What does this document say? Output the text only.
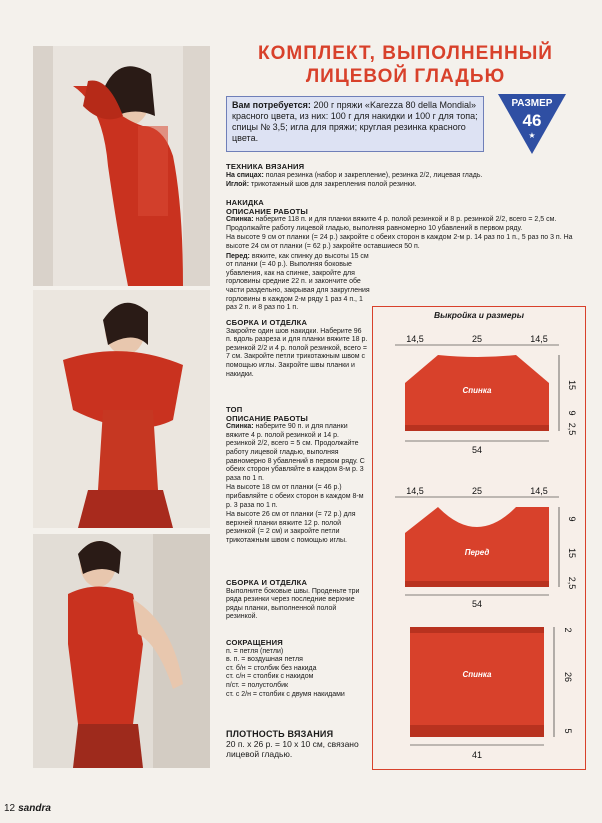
КОМПЛЕКТ, ВЫПОЛНЕННЫЙ
ЛИЦЕВОЙ ГЛАДЬЮ
Вам потребуется: 200 г пряжи «Karezza 80 della Mondial» красного цвета, из них: 100 г для накидки и 100 г для топа; спицы № 3,5; игла для пряжи; круглая резинка красного цвета.
РАЗМЕР
46
★
ТЕХНИКА ВЯЗАНИЯ
На спицах: полая резинка (набор и закрепление), резинка 2/2, лицевая гладь.
Иглой: трикотажный шов для закрепления полой резинки.
НАКИДКА
ОПИСАНИЕ РАБОТЫ
Спинка: наберите 118 п. и для планки вяжите 4 р. полой резинкой и 8 р. резинкой 2/2, всего = 2,5 см. Продолжайте работу лицевой гладью, выполняя равномерно 10 убавлений в первом ряду.
На высоте 9 см от планки (= 24 р.) закройте с обеих сторон в каждом 2-м р. 14 раз по 1 п., 5 раз по 3 п. На высоте 24 см от планки (= 62 р.) закройте оставшиеся 50 п.
Перед: вяжите, как спинку до высоты 15 см от планки (= 40 р.). Выполняя боковые убавления, как на спинке, закройте для горловины средние 22 п. и закончите обе части раздельно, закрывая для закругления горловины в каждом 2-м ряду 1 раз 4 п., 1 раз 2 п. и 8 раз по 1 п.
СБОРКА И ОТДЕЛКА
Закройте один шов накидки. Наберите 96 п. вдоль разреза и для планки вяжите 18 р. резинкой 2/2 и 4 р. полой резинкой, всего = 7 см. Закройте петли трикотажным швом с помощью иглы. Закройте швы планки и накидки.
ТОП
ОПИСАНИЕ РАБОТЫ
Спинка: наберите 90 п. и для планки вяжите 4 р. полой резинкой и 14 р. резинкой 2/2, всего = 5 см. Продолжайте работу лицевой гладью, выполняя равномерно 8 убавлений в первом ряду. С обеих сторон убавляйте в каждом 8-м р. 3 раза по 1 п.
На высоте 18 см от планки (= 46 р.) прибавляйте с обеих сторон в каждом 8-м р. 3 раза по 1 п.
На высоте 26 см от планки (= 72 р.) для верхней планки вяжите 12 р. полой резинкой (= 2 см) и закройте петли трикотажным швом с помощью иглы.
СБОРКА И ОТДЕЛКА
Выполните боковые швы. Проденьте три ряда резинки через последние верхние ряды планки, выполненной полой резинкой.
СОКРАЩЕНИЯ
п. = петля (петли)
в. п. = воздушная петля
ст. б/н = столбик без накида
ст. с/н = столбик с накидом
п/ст. = полустолбик
ст. с 2/н = столбик с двумя накидами
ПЛОТНОСТЬ ВЯЗАНИЯ
20 п. х 26 р. = 10 х 10 см, связано лицевой гладью.
Выкройка и размеры
Спинка
14,5	25	14,5
15
9
2,5
54
Перед
14,5	25	14,5
9
15
2,5
54
Спинка
2
26
5
41
12 sandra
